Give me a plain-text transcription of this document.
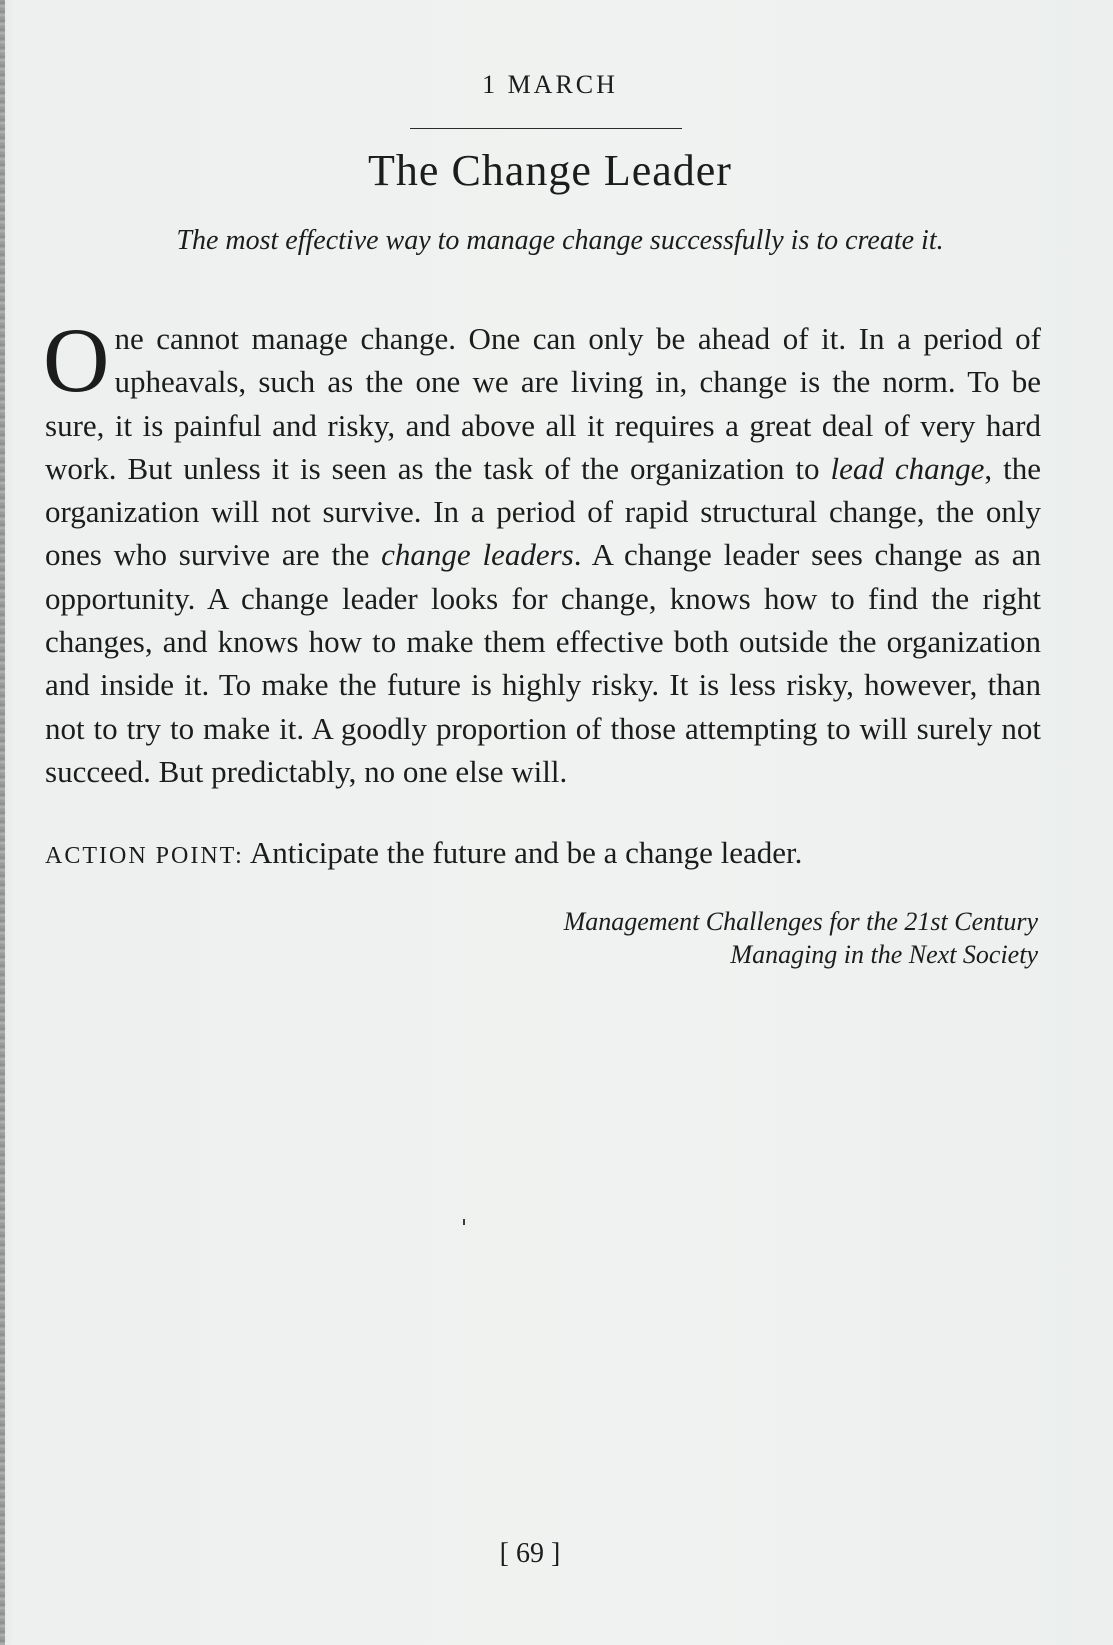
1 MARCH
The Change Leader
The most effective way to manage change successfully is to create it.

One cannot manage change. One can only be ahead of it. In a period of upheavals, such as the one we are living in, change is the norm. To be sure, it is painful and risky, and above all it requires a great deal of very hard work. But unless it is seen as the task of the organization to lead change, the organization will not survive. In a period of rapid structural change, the only ones who survive are the change leaders. A change leader sees change as an opportunity. A change leader looks for change, knows how to find the right changes, and knows how to make them effective both outside the organization and inside it. To make the future is highly risky. It is less risky, however, than not to try to make it. A goodly proportion of those attempting to will surely not succeed. But predictably, no one else will.

ACTION POINT: Anticipate the future and be a change leader.
Management Challenges for the 21st Century
Managing in the Next Society
[ 69 ]
